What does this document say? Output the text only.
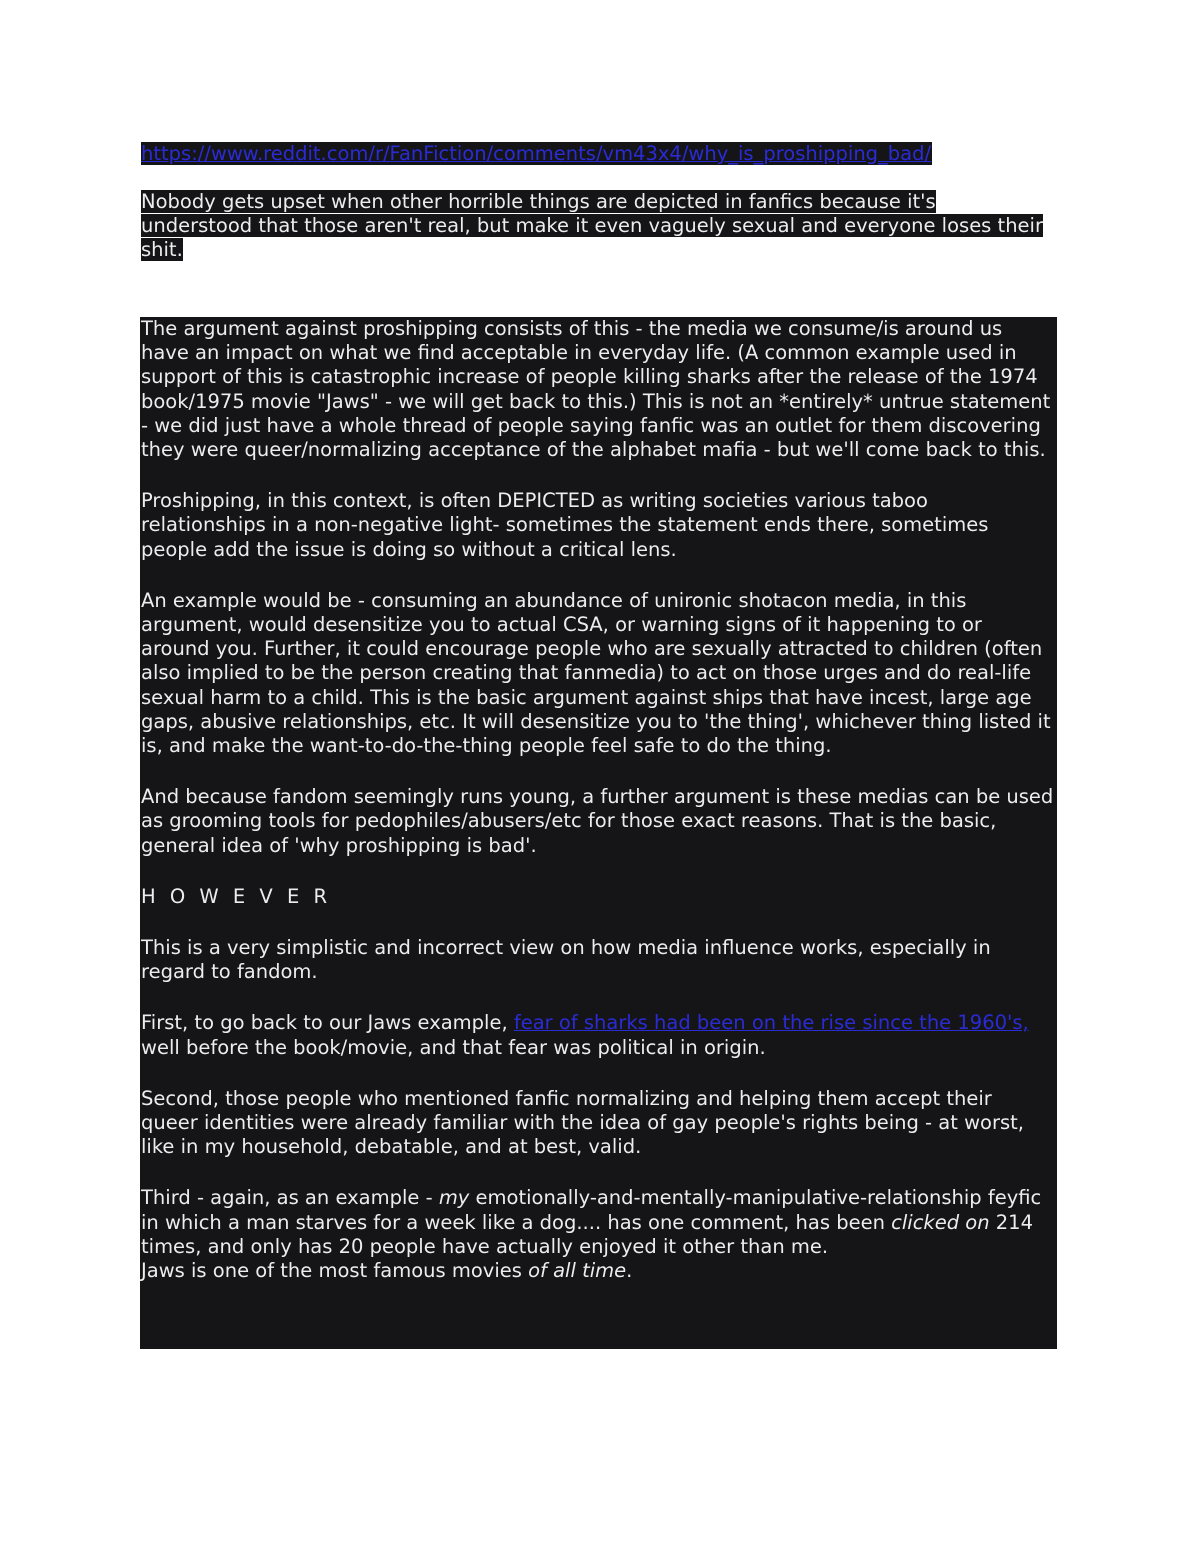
https://www.reddit.com/r/FanFiction/comments/vm43x4/why_is_proshipping_bad/
Nobody gets upset when other horrible things are depicted in fanfics because it's understood that those aren't real, but make it even vaguely sexual and everyone loses their shit.

The argument against proshipping consists of this - the media we consume/is around us have an impact on what we find acceptable in everyday life. (A common example used in support of this is catastrophic increase of people killing sharks after the release of the 1974 book/1975 movie "Jaws" - we will get back to this.) This is not an *entirely* untrue statement - we did just have a whole thread of people saying fanfic was an outlet for them discovering they were queer/normalizing acceptance of the alphabet mafia - but we'll come back to this.

Proshipping, in this context, is often DEPICTED as writing societies various taboo relationships in a non-negative light- sometimes the statement ends there, sometimes people add the issue is doing so without a critical lens.

An example would be - consuming an abundance of unironic shotacon media, in this argument, would desensitize you to actual CSA, or warning signs of it happening to or around you. Further, it could encourage people who are sexually attracted to children (often also implied to be the person creating that fanmedia) to act on those urges and do real-life sexual harm to a child. This is the basic argument against ships that have incest, large age gaps, abusive relationships, etc. It will desensitize you to 'the thing', whichever thing listed it is, and make the want-to-do-the-thing people feel safe to do the thing.

And because fandom seemingly runs young, a further argument is these medias can be used as grooming tools for pedophiles/abusers/etc for those exact reasons. That is the basic, general idea of 'why proshipping is bad'.

H O W E V E R

This is a very simplistic and incorrect view on how media influence works, especially in regard to fandom.

First, to go back to our Jaws example, fear of sharks had been on the rise since the 1960's, well before the book/movie, and that fear was political in origin.

Second, those people who mentioned fanfic normalizing and helping them accept their queer identities were already familiar with the idea of gay people's rights being - at worst, like in my household, debatable, and at best, valid.

Third - again, as an example - my emotionally-and-mentally-manipulative-relationship feyfic in which a man starves for a week like a dog.... has one comment, has been clicked on 214 times, and only has 20 people have actually enjoyed it other than me.

Jaws is one of the most famous movies of all time.
